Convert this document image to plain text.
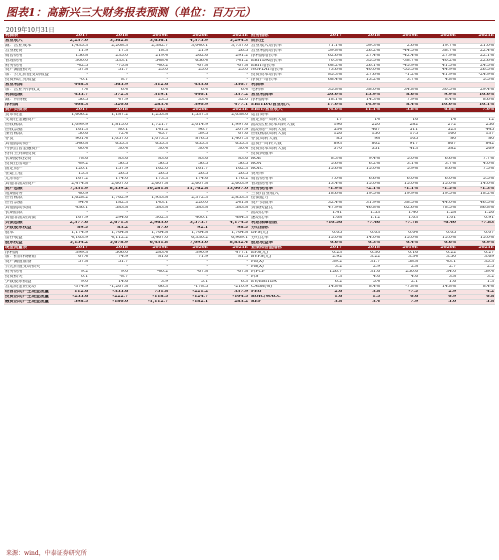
图表1：高新兴三大财务报表预测（单位：百万元）
2019年10月31日
利润表	2017	2018	2019E	2020E	2021E 财务指标	2017	2018	2019E	2020E	2021E
营业收入	2,237.0	3,562.8	3,656.1	4,375.9	5,294.3 成长性
减：营业成本	1,435.3	2,208.3	2,382.7	3,040.1	3,737.0 营业收入增长率	71.1%	59.3%	2.6%	19.7%	21.0%
营业税费	11.9	17.3	18.3	21.9	26.5 营业利润增长率	59.8%	26.2%	-44.5%	38.7%	22.4%
销售费用	156.8	235.0	219.4	262.6	291.2 净利润增长率	62.6%	27.4%	-42.4%	27.9%	22.1%
管理费用	300.0	533.1	548.4	656.4	741.2 EBITDA增长率	70.3%	35.5%	-38.7%	40.2%	22.6%
财务费用	-42.5	-75.8	-40.2	-67.8	-67.8 EBIT增长率	68.2%	26.1%	-45.9%	41.5%	24.5%
资产减值损失	57.8	51.7	25.0	25.0	25.0 NOPLAT增长率	73.6%	40.0%	-55.5%	44.9%	26.5%
加：公允价值变动收益	-	-	-	-	- 投资资本增长率	85.3%	27.6%	-1.2%	41.9%	-24.9%
投资和汇兑收益	-0.1	8.7	-	-	- 净资产增长率	68.4%	13.2%	3.7%	4.8%	5.5%
营业利润	448.3	565.9	312.6	433.6	530.7 利润率
加：营业外净收支	7.4	6.4	6.4	6.4	6.4 毛利率	35.8%	38.0%	34.8%	30.5%	29.4%
利润总额	455.7	572.3	319.1	440.1	537.2 营业利润率	20.0%	15.9%	8.6%	9.9%	10.0%
减：所得税	56.5	47.9	23.5	33.4	32.0 净利润率	18.1%	14.3%	7.9%	8.4%	8.6%
净利润	408.3	520.6	283.4	390.9	477.1 EBITDA/营业收入	17.0%	14.9%	8.4%	10.0%	10.1%
资产负债表	2017	2018	2019E	2020E	2021E EBIT/营业收入	14.0%	11.1%	5.8%	6.8%	7.0%
货币资金	1,606.2	1,187.2	1,253.8	1,537.3	2,038.0 运营效率
交易性金融资产	-	-	-	-	- 固定资产周转天数	17	14	16	14	12
应收帐款	1,099.9	1,815.0	1,721.7	2,014.9	1,997.6 流动营业资本周转天数	196	220	282	272	256
应收票据	161.3	80.1	141.2	96.7	207.9 流动资产周转天数	534	467	511	523	445
预付帐款	50.6	72.4	45.7	59.5	67.6 应收帐款周转天数	126	150	175	160	137
存货	901.4	1,057.0	1,073.5	876.5	1,407.3 存货周转天数	85	98	105	80	80
其他流动资产	546.8	655.3	655.3	655.3	655.3 总资产周转天数	893	802	917	867	842
可供出售金融资产	60.4	30.4	30.4	30.4	30.4 投资资本周转天数	370	351	413	382	269
持有至到期投资	-	-	-	-	- 投资回报率
长期股权投资	78.6	83.6	83.6	83.6	83.6 ROE	8.3%	9.4%	5.0%	6.6%	7.7%
投资性房地产	49.2	56.5	56.5	56.5	56.5 ROA	5.6%	6.2%	3.1%	3.7%	4.0%
固定资产	120.1	157.9	162.0	161.7	162.3 ROIC	15.6%	15.0%	5.9%	8.6%	7.5%
在建工程	15.3	26.5	26.5	26.5	26.5 费用率
无形资产	167.2	174.0	173.3	174.6	176.2 销售费用率	7.0%	6.6%	6.0%	6.0%	5.5%
其他非流动资产	2,474.8	2,607.0	2,607.8	2,607.8	2,603.9 管理费用率	13.4%	15.0%	15.0%	15.0%	14.0%
资产总额	7,331.9	8,359.2	10,281.8	11,762.8	13,007.0 财务费用率	-1.9%	-2.1%	-1.1%	-1.5%	-1.3%
短期债务	40.9	-	-	-	- 三费/营业收入	18.6%	19.5%	19.9%	19.5%	18.2%
应付帐款	1,628.2	1,762.9	1,933.8	2,372.3	2,853.3 偿债能力
应付票据	94.4	182.3	143.1	220.0	241.8 资产负债率	32.4%	31.9%	38.5%	44.0%	46.5%
其他流动负债	436.1	583.8	583.8	583.8	583.8 负债权益比	47.9%	46.8%	62.6%	78.5%	86.8%
长期借款	-	-	-	-	- 流动比率	1.41	1.53	1.40	1.28	1.26
其他非流动负债	167.9	294.6	302.3	400.1	484.3 速动比率	1.08	1.12	1.03	1.01	0.91
负债总额	2,377.6	2,671.3	2,963.0	3,575.7	4,174.5 利息保障倍数	-10.56	-7.46	-7.78	-6.40	-7.83
少数股东权益	89.5	83.2	87.0	92.1	98.5 分红指标
股本	1,174.9	1,764.8	1,764.8	1,764.8	1,764.8 DPS(元)	0.05	0.03	0.04	0.05	0.07
留存收益	4,163.9	4,112.2	5,467.0	6,330.2	6,969.1 分红比率	15.0%	14.0%	15.0%	15.0%	15.0%
股东权益	5,154.2	5,678.9	6,431.8	7,095.0	8,832.4 股息收益率	0.6%	0.3%	0.4%	0.6%	0.9%
现金流量表	2017	2018	2019E	2020E	2021E 业绩和估值指标	2017	2018	2019E	2020E	2021E
净利润	399.3	506.0	283.4	390.9	477.1 EPS(元)	0.23	0.30	0.16	0.22	0.27
加：折旧和摊销	67.4	74.9	81.6	71.9	81.5 BVPS(元)	2.92	3.22	3.34	3.50	3.69
资产减值准备	57.8	51.7	-	-	- PE(X)	39.2	31.7	58.8	43.1	35.3
公允价值变动损失	-	-	-	-	- PB(X)	3.2	2.9	2.8	2.7	2.5
财务费用	9.2	9.0	-40.2	-67.8	-67.8 P/FCF	126.7	31.6	250.6	34.0	59.4
投资损失	0.1	-8.7	-	-	- P/S	7.3	4.6	4.6	3.8	3.2
少数股东损益	9.0	14.6	3.9	5.1	6.3 EV/EBITDA	6.2	5.4	2.1	1.6	1.3
营运资金的变动	-374.9	-1,267.8	66.3	-178.5	-210.9 CAGR(%)	14.8%	8.4%	-7.8%	14.8%	8.4%
经营活动产生现金流量	112.6	-355.6	751.8	-221.2	337.9 PEG	2.6	3.8	-7.5	2.9	4.2
投资活动产生现金流量	-255.6	-222.7	-118.5	-124.7	-104.5 ROIC/WACC	1.6	1.5	0.6	0.9	0.8
融资活动产生现金流量	598.5	-180.0	-1,112.7	-182.1	283.2 REP	3.8	3.4	7.9	5.0	5.8
来源：wind，中泰证券研究所
